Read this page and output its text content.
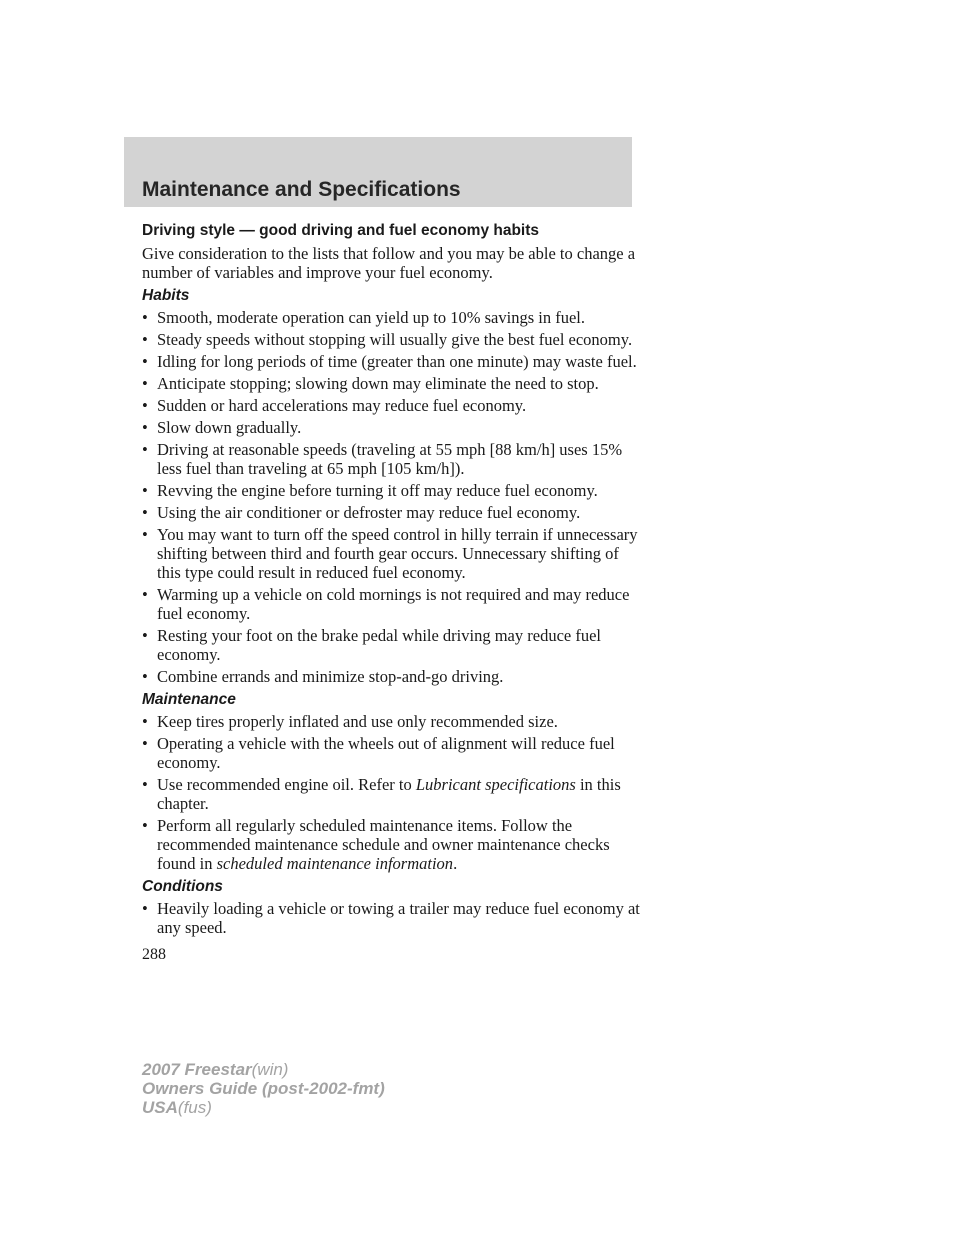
Maintenance and Specifications
Driving style — good driving and fuel economy habits

Give consideration to the lists that follow and you may be able to change a number of variables and improve your fuel economy.

Habits
• Smooth, moderate operation can yield up to 10% savings in fuel.
• Steady speeds without stopping will usually give the best fuel economy.
• Idling for long periods of time (greater than one minute) may waste fuel.
• Anticipate stopping; slowing down may eliminate the need to stop.
• Sudden or hard accelerations may reduce fuel economy.
• Slow down gradually.
• Driving at reasonable speeds (traveling at 55 mph [88 km/h] uses 15% less fuel than traveling at 65 mph [105 km/h]).
• Revving the engine before turning it off may reduce fuel economy.
• Using the air conditioner or defroster may reduce fuel economy.
• You may want to turn off the speed control in hilly terrain if unnecessary shifting between third and fourth gear occurs. Unnecessary shifting of this type could result in reduced fuel economy.
• Warming up a vehicle on cold mornings is not required and may reduce fuel economy.
• Resting your foot on the brake pedal while driving may reduce fuel economy.
• Combine errands and minimize stop-and-go driving.
Maintenance
• Keep tires properly inflated and use only recommended size.
• Operating a vehicle with the wheels out of alignment will reduce fuel economy.
• Use recommended engine oil. Refer to Lubricant specifications in this chapter.
• Perform all regularly scheduled maintenance items. Follow the recommended maintenance schedule and owner maintenance checks found in scheduled maintenance information.
Conditions
• Heavily loading a vehicle or towing a trailer may reduce fuel economy at any speed.

288

2007 Freestar(win)
Owners Guide (post-2002-fmt)
USA(fus)
